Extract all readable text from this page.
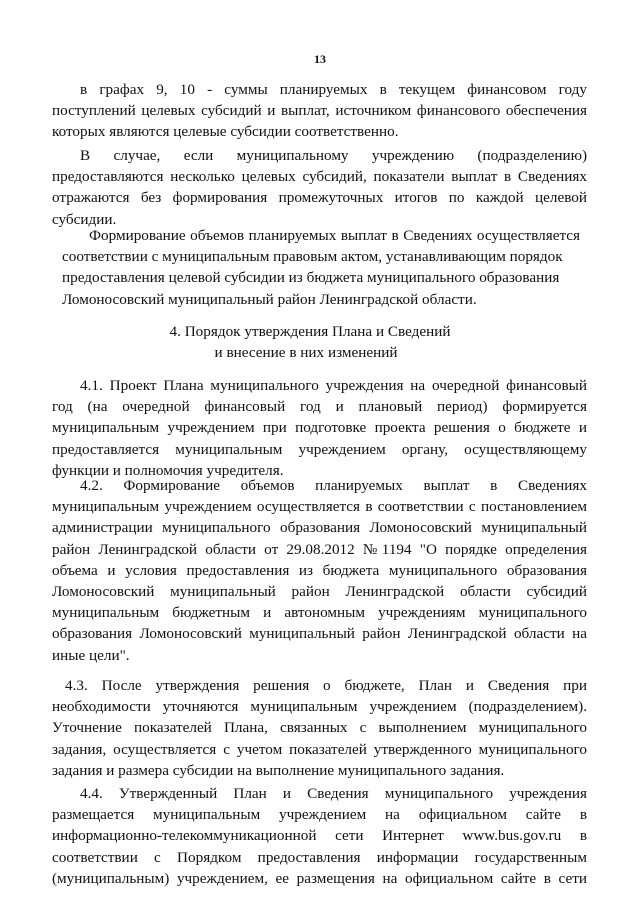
13

в графах 9, 10 - суммы планируемых в текущем финансовом году

поступлений целевых субсидий и выплат, источником финансового обеспечения

которых являются целевые субсидии соответственно.

В случае, если муниципальному учреждению (подразделению)

предоставляются несколько целевых субсидий, показатели выплат в Сведениях

отражаются без формирования промежуточных итогов по каждой целевой

субсидии.

Формирование объемов планируемых выплат в Сведениях осуществляется

соответствии с муниципальным правовым актом, устанавливающим порядок

предоставления целевой субсидии из бюджета муниципального образования

Ломоносовский муниципальный район Ленинградской области.

4. Порядок утверждения Плана и Сведений

и внесение в них изменений

4.1. Проект Плана муниципального учреждения на очередной финансовый

год (на очередной финансовый год и плановый период) формируется

муниципальным учреждением при подготовке проекта решения о бюджете и

предоставляется муниципальным учреждением органу, осуществляющему

функции и полномочия учредителя.

4.2. Формирование объемов планируемых выплат в Сведениях

муниципальным учреждением осуществляется в соответствии с постановлением

администрации муниципального образования Ломоносовский муниципальный

район Ленинградской области от 29.08.2012 №1194 "О порядке определения

объема и условия предоставления из бюджета муниципального образования

Ломоносовский муниципальный район Ленинградской области субсидий

муниципальным бюджетным и автономным учреждениям муниципального

образования Ломоносовский муниципальный район Ленинградской области на

иные цели".

4.3. После утверждения решения о бюджете, План и Сведения при

необходимости уточняются муниципальным учреждением (подразделением).

Уточнение показателей Плана, связанных с выполнением муниципального

задания, осуществляется с учетом показателей утвержденного муниципального

задания и размера субсидии на выполнение муниципального задания.

4.4. Утвержденный План и Сведения муниципального учреждения

размещается муниципальным учреждением на официальном сайте в

информационно-телекоммуникационной сети Интернет www.bus.gov.ru в

соответствии с Порядком предоставления информации государственным

(муниципальным) учреждением, ее размещения на официальном сайте в сети
